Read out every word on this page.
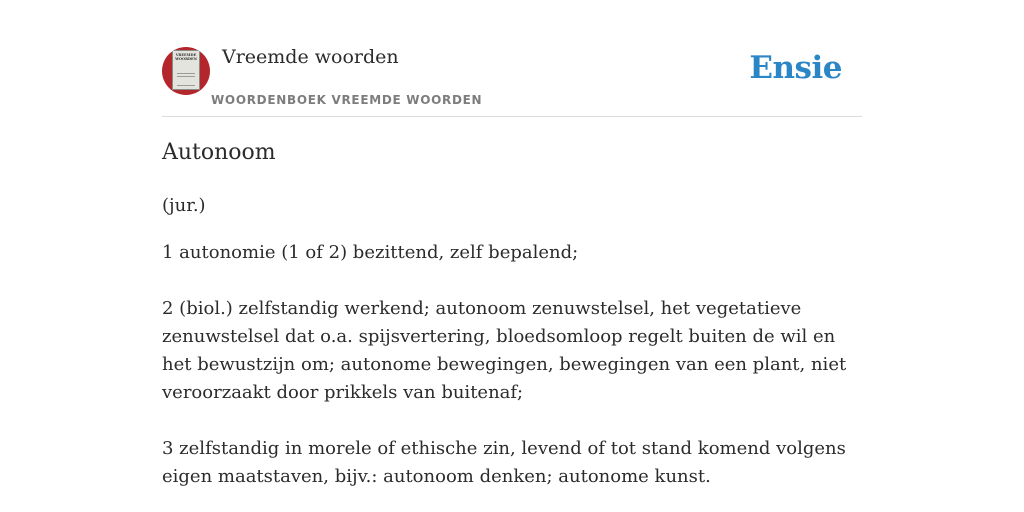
VREEMDE WOORDEN Vreemde woorden
WOORDENBOEK VREEMDE WOORDEN
Ensie
Autonoom
(jur.)

1 autonomie (1 of 2) bezittend, zelf bepalend;

2 (biol.) zelfstandig werkend; autonoom zenuwstelsel, het vegetatieve zenuwstelsel dat o.a. spijsvertering, bloedsomloop regelt buiten de wil en het bewustzijn om; autonome bewegingen, bewegingen van een plant, niet veroorzaakt door prikkels van buitenaf;

3 zelfstandig in morele of ethische zin, levend of tot stand komend volgens eigen maatstaven, bijv.: autonoom denken; autonome kunst.
